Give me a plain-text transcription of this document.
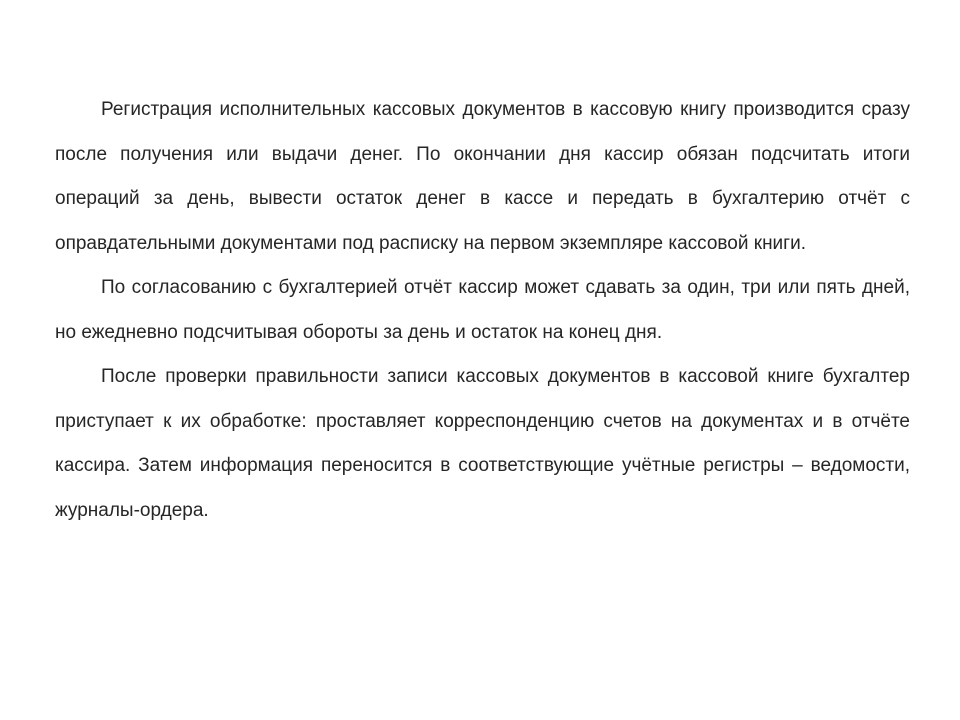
Регистрация исполнительных кассовых документов в кассовую книгу производится сразу после получения или выдачи денег. По окончании дня кассир обязан подсчитать итоги операций за день, вывести остаток денег в кассе и передать в бухгалтерию отчёт с оправдательными документами под расписку на первом экземпляре кассовой книги.

По согласованию с бухгалтерией отчёт кассир может сдавать за один, три или пять дней, но ежедневно подсчитывая обороты за день и остаток на конец дня.

После проверки правильности записи кассовых документов в кассовой книге бухгалтер приступает к их обработке: проставляет корреспонденцию счетов на документах и в отчёте кассира. Затем информация переносится в соответствующие учётные регистры – ведомости, журналы-ордера.
